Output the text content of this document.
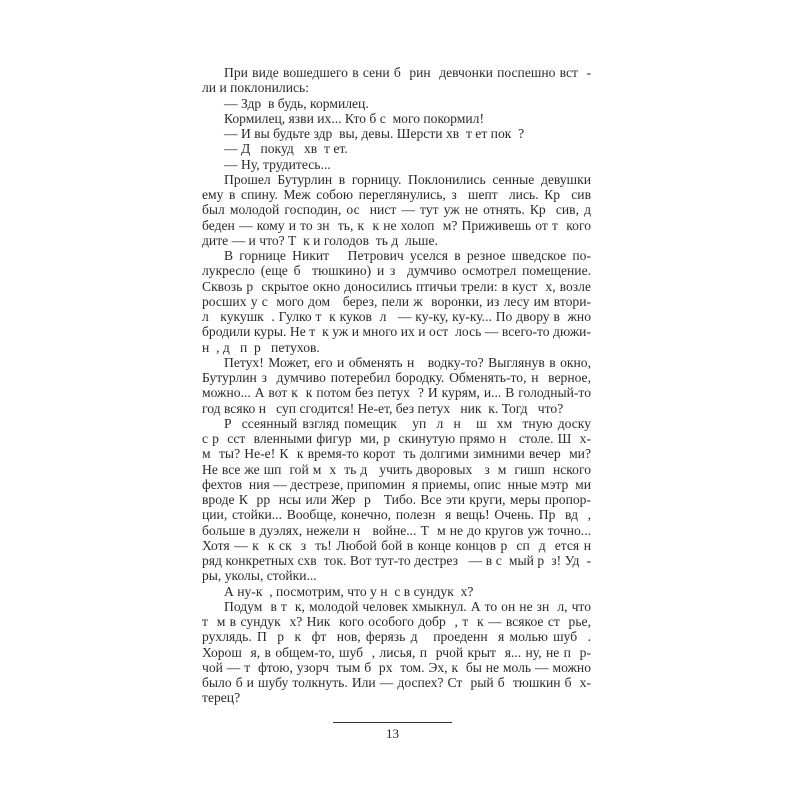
При виде вошедшего в сени б  рин  девчонки поспешно вст  -
ли и поклонились:
— Здр  в будь, кормилец.
Кормилец, язви их... Кто б с  мого покормил!
— И вы будьте здр  вы, девы. Шерсти хв  т ет пок  ?
— Д   покуд   хв  т ет.
— Ну, трудитесь...
Прошел Бутурлин в горницу. Поклонились сенные девушки
ему в спину. Меж собою переглянулись, з  шепт  лись. Кр  сив
был молодой господин, ос  нист — тут уж не отнять. Кр  сив, д
беден — кому и то зн  ть, к  к не холоп  м? Приживешь от т  кого
дите — и что? Т  к и голодов  ть д  льше.
В горнице Никит   Петрович уселся в резное шведское по-
лукресло (еще б  тюшкино) и з  думчиво осмотрел помещение.
Сквозь р  скрытое окно доносились птичьи трели: в куст  х, возле
росших у с  мого дом   берез, пели ж  воронки, из лесу им втори-
л   кукушк  . Гулко т  к куков  л   — ку-ку, ку-ку... По двору в  жно
бродили куры. Не т  к уж и много их и ост  лось — всего-то дюжи-
н  , д   п  р   петухов.
Петух! Может, его и обменять н   водку-то? Выглянув в окно,
Бутурлин з  думчиво потеребил бородку. Обменять-то, н  верное,
можно... А вот к  к потом без петух  ? И курям, и... В голодный-то
год всяко н   суп сгодится! Не-ет, без петух   ник  к. Тогд   что?
Р  ссеянный взгляд помещик   уп  л  н   ш  хм  тную доску
с р  сст  вленными фигур  ми, р  скинутую прямо н   столе. Ш  х-
м  ты? Не-е! К  к время-то корот  ть долгими зимними вечер  ми?
Не все же шп  гой м  х  ть д   учить дворовых   з  м  гишп  нского
фехтов  ния — дестрезе, припомин  я приемы, опис  нные мэтр  ми
вроде К  рр  нсы или Жер  р   Тибо. Все эти круги, меры пропор-
ции, стойки... Вообще, конечно, полезн  я вещь! Очень. Пр  вд  ,
больше в дуэлях, нежели н   войне... Т  м не до кругов уж точно...
Хотя — к  к ск  з  ть! Любой бой в конце концов р  сп  д  ется н
ряд конкретных схв  ток. Вот тут-то дестрез   — в с  мый р  з! Уд  -
ры, уколы, стойки...
А ну-к  , посмотрим, что у н  с в сундук  х?
Подум  в т  к, молодой человек хмыкнул. А то он не зн  л, что
т  м в сундук  х? Ник  кого особого добр  , т  к — всякое ст  рье,
рухлядь. П  р  к  фт  нов, ферязь д   проеденн  я молью шуб  .
Хорош  я, в общем-то, шуб  , лисья, п  рчой крыт  я... ну, не п  р-
чой — т  фтою, узорч  тым б  рх  том. Эх, к  бы не моль — можно
было б и шубу толкнуть. Или — доспех? Ст  рый б  тюшкин б  х-
терец?
13
